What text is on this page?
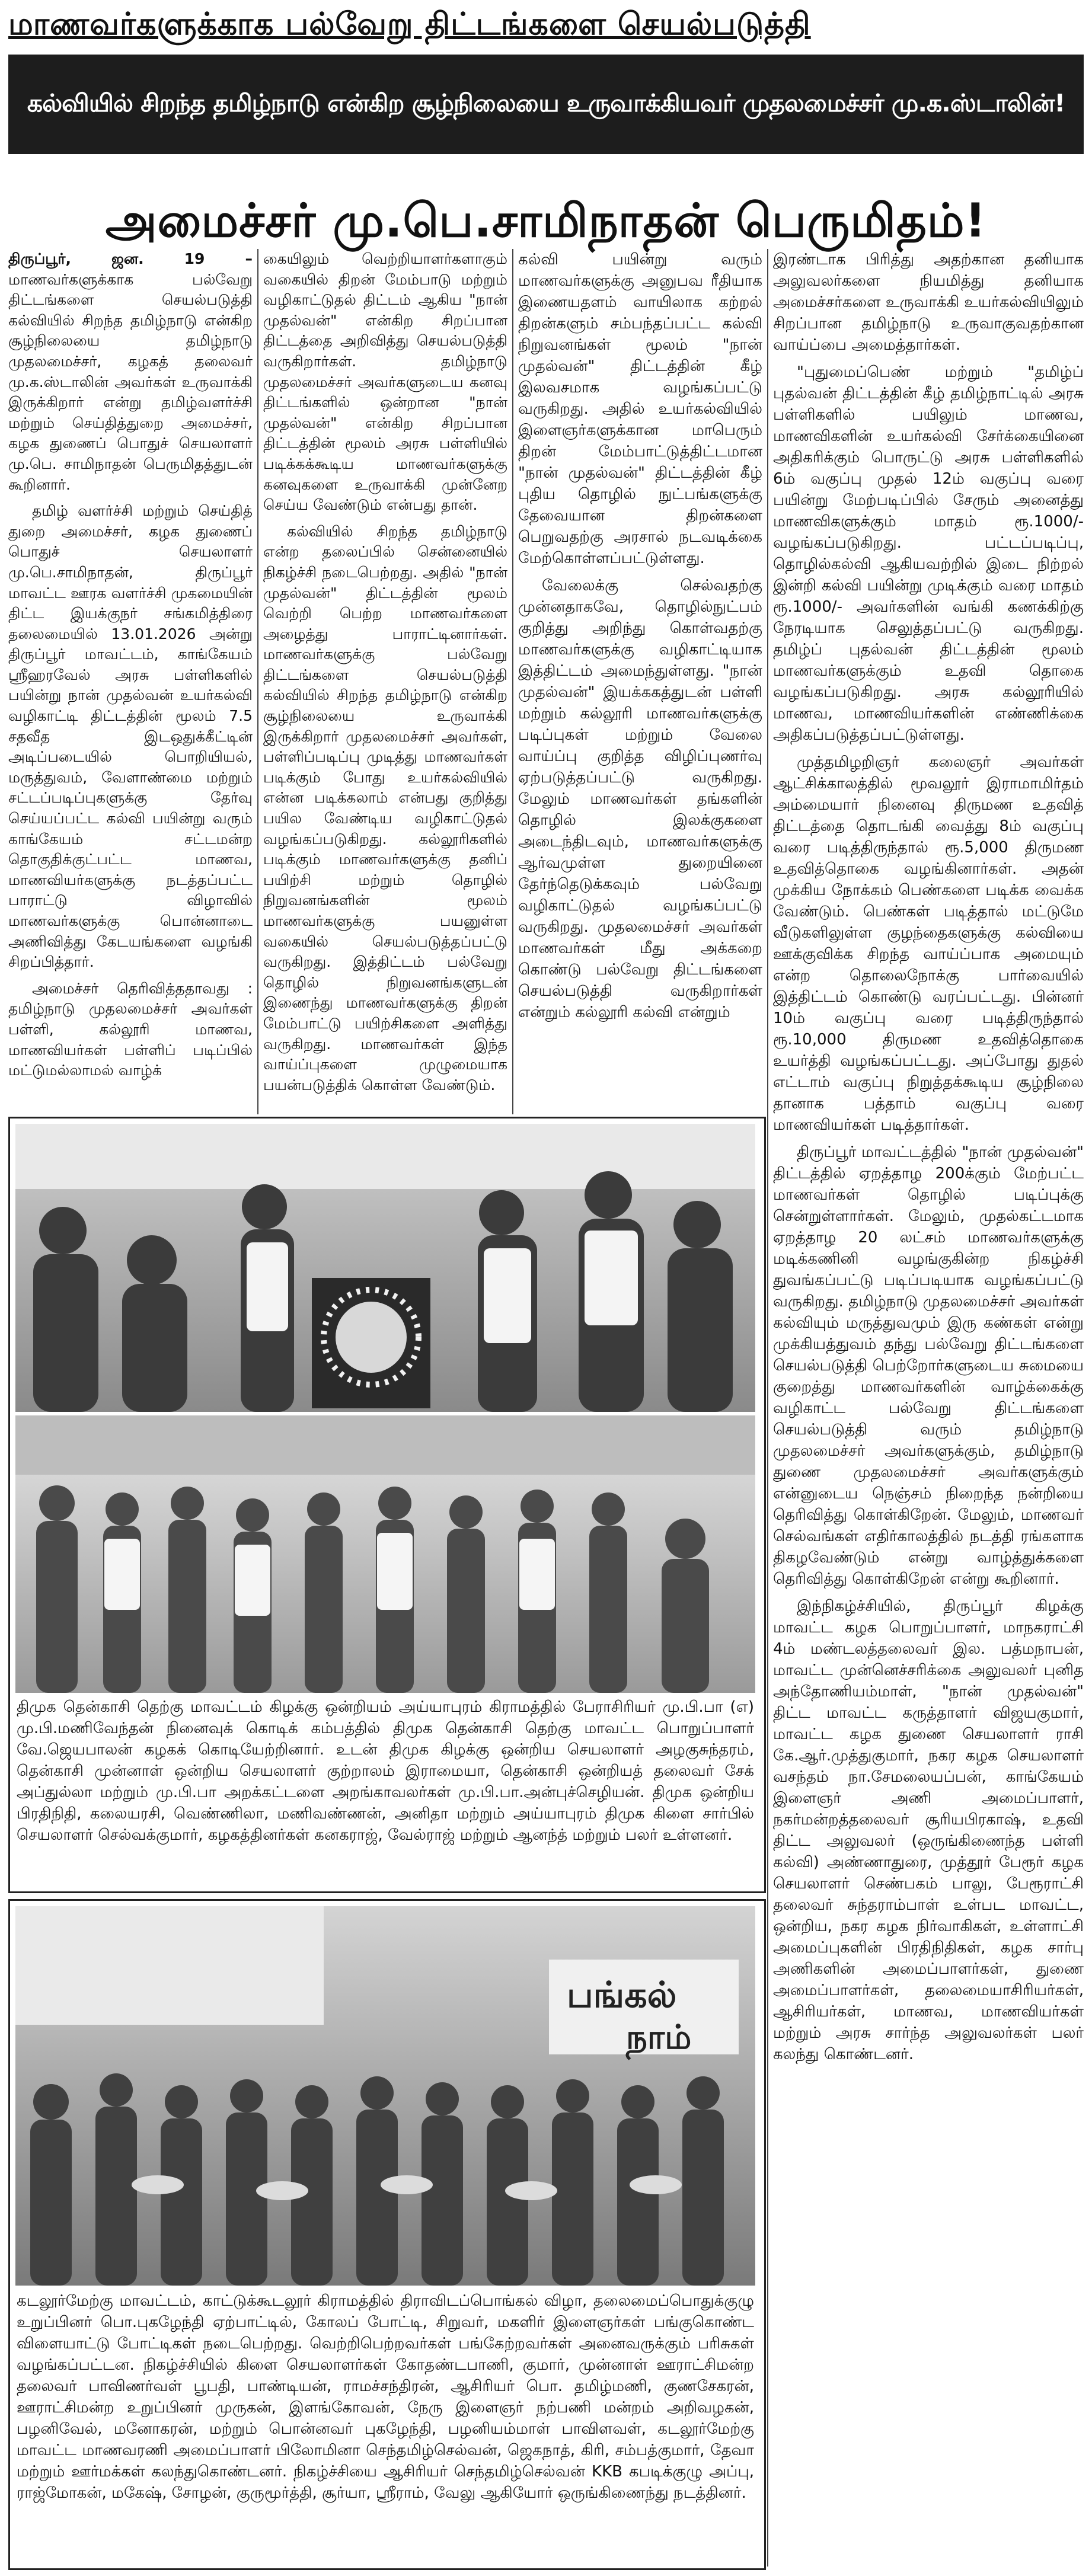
மாணவர்களுக்காக பல்வேறு திட்டங்களை செயல்படுத்தி
கல்வியில் சிறந்த தமிழ்நாடு என்கிற சூழ்நிலையை உருவாக்கியவர் முதலமைச்சர் மு.க.ஸ்டாலின்!
அமைச்சர் மு.பெ.சாமிநாதன் பெருமிதம்!

திருப்பூர், ஜன. 19 – மாணவர்களுக்காக பல்வேறு திட்டங்களை செயல்படுத்தி கல்வியில் சிறந்த தமிழ்நாடு என்கிற சூழ்நிலையை தமிழ்நாடு முதலமைச்சர், கழகத் தலைவர் மு.க.ஸ்டாலின் அவர்கள் உருவாக்கி இருக்கிறார் என்று தமிழ்வளர்ச்சி மற்றும் செய்தித்துறை அமைச்சர், கழக துணைப் பொதுச் செயலாளர் மு.பெ. சாமிநாதன் பெருமிதத்துடன் கூறினார்.

தமிழ் வளர்ச்சி மற்றும் செய்தித் துறை அமைச்சர், கழக துணைப் பொதுச் செயலாளர் மு.பெ.சாமிநாதன், திருப்பூர் மாவட்ட ஊரக வளர்ச்சி முகமையின் திட்ட இயக்குநர் சங்கமித்திரை தலைமையில் 13.01.2026 அன்று திருப்பூர் மாவட்டம், காங்கேயம் ஸ்ரீஹரவேல் அரசு பள்ளிகளில் பயின்று நான் முதல்வன் உயர்கல்வி வழிகாட்டி திட்டத்தின் மூலம் 7.5 சதவீத இடஒதுக்கீட்டின் அடிப்படையில் பொறியியல், மருத்துவம், வேளாண்மை மற்றும் சட்டப்படிப்புகளுக்கு தேர்வு செய்யப்பட்ட கல்வி பயின்று வரும் காங்கேயம் சட்டமன்ற தொகுதிக்குட்பட்ட மாணவ, மாணவியர்களுக்கு நடத்தப்பட்ட பாராட்டு விழாவில் மாணவர்களுக்கு பொன்னாடை அணிவித்து கேடயங்களை வழங்கி சிறப்பித்தார்.

அமைச்சர் தெரிவித்ததாவது : தமிழ்நாடு முதலமைச்சர் அவர்கள் பள்ளி, கல்லூரி மாணவ, மாணவியர்கள் பள்ளிப் படிப்பில் மட்டுமல்லாமல் வாழ்க்

கையிலும் வெற்றியாளர்களாகும் வகையில் திறன் மேம்பாடு மற்றும் வழிகாட்டுதல் திட்டம் ஆகிய "நான் முதல்வன்" என்கிற சிறப்பான திட்டத்தை அறிவித்து செயல்படுத்தி வருகிறார்கள். தமிழ்நாடு முதலமைச்சர் அவர்களுடைய கனவு திட்டங்களில் ஒன்றான "நான் முதல்வன்" என்கிற சிறப்பான திட்டத்தின் மூலம் அரசு பள்ளியில் படிக்கக்கூடிய மாணவர்களுக்கு கனவுகளை உருவாக்கி முன்னேற செய்ய வேண்டும் என்பது தான்.

கல்வியில் சிறந்த தமிழ்நாடு என்ற தலைப்பில் சென்னையில் நிகழ்ச்சி நடைபெற்றது. அதில் "நான் முதல்வன்" திட்டத்தின் மூலம் வெற்றி பெற்ற மாணவர்களை அழைத்து பாராட்டினார்கள். மாணவர்களுக்கு பல்வேறு திட்டங்களை செயல்படுத்தி கல்வியில் சிறந்த தமிழ்நாடு என்கிற சூழ்நிலையை உருவாக்கி இருக்கிறார் முதலமைச்சர் அவர்கள், பள்ளிப்படிப்பு முடித்து மாணவர்கள் படிக்கும் போது உயர்கல்வியில் என்ன படிக்கலாம் என்பது குறித்து பயில வேண்டிய வழிகாட்டுதல் வழங்கப்படுகிறது. கல்லூரிகளில் படிக்கும் மாணவர்களுக்கு தனிப் பயிற்சி மற்றும் தொழில் நிறுவனங்களின் மூலம் மாணவர்களுக்கு பயனுள்ள வகையில் செயல்படுத்தப்பட்டு வருகிறது. இத்திட்டம் பல்வேறு தொழில் நிறுவனங்களுடன் இணைந்து மாணவர்களுக்கு திறன் மேம்பாட்டு பயிற்சிகளை அளித்து வருகிறது. மாணவர்கள் இந்த வாய்ப்புகளை முழுமையாக பயன்படுத்திக் கொள்ள வேண்டும்.

கல்வி பயின்று வரும் மாணவர்களுக்கு அனுபவ ரீதியாக இணையதளம் வாயிலாக கற்றல் திறன்களும் சம்பந்தப்பட்ட கல்வி நிறுவனங்கள் மூலம் "நான் முதல்வன்" திட்டத்தின் கீழ் இலவசமாக வழங்கப்பட்டு வருகிறது. அதில் உயர்கல்வியில் இளைஞர்களுக்கான மாபெரும் திறன் மேம்பாட்டுத்திட்டமான "நான் முதல்வன்" திட்டத்தின் கீழ் புதிய தொழில் நுட்பங்களுக்கு தேவையான திறன்களை பெறுவதற்கு அரசால் நடவடிக்கை மேற்கொள்ளப்பட்டுள்ளது.

வேலைக்கு செல்வதற்கு முன்னதாகவே, தொழில்நுட்பம் குறித்து அறிந்து கொள்வதற்கு மாணவர்களுக்கு வழிகாட்டியாக இத்திட்டம் அமைந்துள்ளது. "நான் முதல்வன்" இயக்ககத்துடன் பள்ளி மற்றும் கல்லூரி மாணவர்களுக்கு படிப்புகள் மற்றும் வேலை வாய்ப்பு குறித்த விழிப்புணர்வு ஏற்படுத்தப்பட்டு வருகிறது. மேலும் மாணவர்கள் தங்களின் தொழில் இலக்குகளை அடைந்திடவும், மாணவர்களுக்கு ஆர்வமுள்ள துறையினை தேர்ந்தெடுக்கவும் பல்வேறு வழிகாட்டுதல் வழங்கப்பட்டு வருகிறது. முதலமைச்சர் அவர்கள் மாணவர்கள் மீது அக்கறை கொண்டு பல்வேறு திட்டங்களை செயல்படுத்தி வருகிறார்கள் என்றும் கல்லூரி கல்வி என்றும்

இரண்டாக பிரித்து அதற்கான தனியாக அலுவலர்களை நியமித்து தனியாக அமைச்சர்களை உருவாக்கி உயர்கல்வியிலும் சிறப்பான தமிழ்நாடு உருவாகுவதற்கான வாய்ப்பை அமைத்தார்கள்.

"புதுமைப்பெண் மற்றும் "தமிழ்ப் புதல்வன் திட்டத்தின் கீழ் தமிழ்நாட்டில் அரசு பள்ளிகளில் பயிலும் மாணவ, மாணவிகளின் உயர்கல்வி சேர்க்கையினை அதிகரிக்கும் பொருட்டு அரசு பள்ளிகளில் 6ம் வகுப்பு முதல் 12ம் வகுப்பு வரை பயின்று மேற்படிப்பில் சேரும் அனைத்து மாணவிகளுக்கும் மாதம் ரூ.1000/- வழங்கப்படுகிறது. பட்டப்படிப்பு, தொழில்கல்வி ஆகியவற்றில் இடை நிற்றல் இன்றி கல்வி பயின்று முடிக்கும் வரை மாதம் ரூ.1000/- அவர்களின் வங்கி கணக்கிற்கு நேரடியாக செலுத்தப்பட்டு வருகிறது. தமிழ்ப் புதல்வன் திட்டத்தின் மூலம் மாணவர்களுக்கும் உதவி தொகை வழங்கப்படுகிறது. அரசு கல்லூரியில் மாணவ, மாணவியர்களின் எண்ணிக்கை அதிகப்படுத்தப்பட்டுள்ளது.

முத்தமிழறிஞர் கலைஞர் அவர்கள் ஆட்சிக்காலத்தில் மூவலூர் இராமாமிர்தம் அம்மையார் நினைவு திருமண உதவித் திட்டத்தை தொடங்கி வைத்து 8ம் வகுப்பு வரை படித்திருந்தால் ரூ.5,000 திருமண உதவித்தொகை வழங்கினார்கள். அதன் முக்கிய நோக்கம் பெண்களை படிக்க வைக்க வேண்டும். பெண்கள் படித்தால் மட்டுமே வீடுகளிலுள்ள குழந்தைகளுக்கு கல்வியை ஊக்குவிக்க சிறந்த வாய்ப்பாக அமையும் என்ற தொலைநோக்கு பார்வையில் இத்திட்டம் கொண்டு வரப்பட்டது. பின்னர் 10ம் வகுப்பு வரை படித்திருந்தால் ரூ.10,000 திருமண உதவித்தொகை உயர்த்தி வழங்கப்பட்டது. அப்போது துதல் எட்டாம் வகுப்பு நிறுத்தக்கூடிய சூழ்நிலை தானாக பத்தாம் வகுப்பு வரை மாணவியர்கள் படித்தார்கள்.

திருப்பூர் மாவட்டத்தில் "நான் முதல்வன்" திட்டத்தில் ஏறத்தாழ 200க்கும் மேற்பட்ட மாணவர்கள் தொழில் படிப்புக்கு சென்றுள்ளார்கள். மேலும், முதல்கட்டமாக ஏறத்தாழ 20 லட்சம் மாணவர்களுக்கு மடிக்கணினி வழங்குகின்ற நிகழ்ச்சி துவங்கப்பட்டு படிப்படியாக வழங்கப்பட்டு வருகிறது. தமிழ்நாடு முதலமைச்சர் அவர்கள் கல்வியும் மருத்துவமும் இரு கண்கள் என்று முக்கியத்துவம் தந்து பல்வேறு திட்டங்களை செயல்படுத்தி பெற்றோர்களுடைய சுமையை குறைத்து மாணவர்களின் வாழ்க்கைக்கு வழிகாட்ட பல்வேறு திட்டங்களை செயல்படுத்தி வரும் தமிழ்நாடு முதலமைச்சர் அவர்களுக்கும், தமிழ்நாடு துணை முதலமைச்சர் அவர்களுக்கும் என்னுடைய நெஞ்சம் நிறைந்த நன்றியை தெரிவித்து கொள்கிறேன். மேலும், மாணவர் செல்வங்கள் எதிர்காலத்தில் நடத்தி ரங்களாக திகழவேண்டும் என்று வாழ்த்துக்களை தெரிவித்து கொள்கிறேன் என்று கூறினார்.

இந்நிகழ்ச்சியில், திருப்பூர் கிழக்கு மாவட்ட கழக பொறுப்பாளர், மாநகராட்சி 4ம் மண்டலத்தலைவர் இல. பத்மநாபன், மாவட்ட முன்னெச்சரிக்கை அலுவலர் புனித அந்தோணியம்மாள், "நான் முதல்வன்" திட்ட மாவட்ட கருத்தாளர் விஜயகுமார், மாவட்ட கழக துணை செயலாளர் ராசி கே.ஆர்.முத்துகுமார், நகர கழக செயலாளர் வசந்தம் நா.சேமலையப்பன், காங்கேயம் இளைஞர் அணி அமைப்பாளர், நகர்மன்றத்தலைவர் சூரியபிரகாஷ், உதவி திட்ட அலுவலர் (ஒருங்கிணைந்த பள்ளி கல்வி) அண்ணாதுரை, முத்தூர் பேரூர் கழக செயலாளர் செண்பகம் பாலு, பேரூராட்சி தலைவர் சுந்தராம்பாள் உள்பட மாவட்ட, ஒன்றிய, நகர கழக நிர்வாகிகள், உள்ளாட்சி அமைப்புகளின் பிரதிநிதிகள், கழக சார்பு அணிகளின் அமைப்பாளர்கள், துணை அமைப்பாளர்கள், தலைமையாசிரியர்கள், ஆசிரியர்கள், மாணவ, மாணவியர்கள் மற்றும் அரசு சார்ந்த அலுவலர்கள் பலர் கலந்து கொண்டனர்.

திமுக தென்காசி தெற்கு மாவட்டம் கிழக்கு ஒன்றியம் அய்யாபுரம் கிராமத்தில் பேராசிரியர் மு.பி.பா (எ) மு.பி.மணிவேந்தன் நினைவுக் கொடிக் கம்பத்தில் திமுக தென்காசி தெற்கு மாவட்ட பொறுப்பாளர் வே.ஜெயபாலன் கழகக் கொடியேற்றினார். உடன் திமுக கிழக்கு ஒன்றிய செயலாளர் அழகுசுந்தரம், தென்காசி முன்னாள் ஒன்றிய செயலாளர் குற்றாலம் இராமையா, தென்காசி ஒன்றியத் தலைவர் சேக் அப்துல்லா மற்றும் மு.பி.பா அறக்கட்டளை அறங்காவலர்கள் மு.பி.பா.அன்புச்செழியன். திமுக ஒன்றிய பிரதிநிதி, கலையரசி, வெண்ணிலா, மணிவண்ணன், அனிதா மற்றும் அய்யாபுரம் திமுக கிளை சார்பில் செயலாளர் செல்வக்குமார், கழகத்தினர்கள் கனகராஜ், வேல்ராஜ் மற்றும் ஆனந்த் மற்றும் பலர் உள்ளனர்.
பங்கல்
நாம்
கடலூர்மேற்கு மாவட்டம், காட்டுக்கூடலூர் கிராமத்தில் திராவிடப்பொங்கல் விழா, தலைமைப்பொதுக்குழு உறுப்பினர் பொ.புகழேந்தி ஏற்பாட்டில், கோலப் போட்டி, சிறுவர், மகளிர் இளைஞர்கள் பங்குகொண்ட விளையாட்டு போட்டிகள் நடைபெற்றது. வெற்றிபெற்றவர்கள் பங்கேற்றவர்கள் அனைவருக்கும் பரிசுகள் வழங்கப்பட்டன. நிகழ்ச்சியில் கிளை செயலாளர்கள் கோதண்டபாணி, குமார், முன்னாள் ஊராட்சிமன்ற தலைவர் பாவிணர்வள் பூபதி, பாண்டியன், ராமச்சந்திரன், ஆசிரியர் பொ. தமிழ்மணி, குணசேகரன், ஊராட்சிமன்ற உறுப்பினர் முருகன், இளங்கோவன், நேரு இளைஞர் நற்பணி மன்றம் அறிவழகன், பழனிவேல், மனோகரன், மற்றும் பொன்னவர் புகழேந்தி, பழனியம்மாள் பாவிளவள், கடலூர்மேற்கு மாவட்ட மாணவரணி அமைப்பாளர் பிலோமினா செந்தமிழ்செல்வன், ஜெகநாத், கிரி, சம்பத்குமார், தேவா மற்றும் ஊர்மக்கள் கலந்துகொண்டனர். நிகழ்ச்சியை ஆசிரியர் செந்தமிழ்செல்வன் KKB கபடிக்குழு அப்பு, ராஜ்மோகன், மகேஷ், சோழன், குருமூர்த்தி, சூர்யா, ஸ்ரீராம், வேலு ஆகியோர் ஒருங்கிணைந்து நடத்தினர்.
